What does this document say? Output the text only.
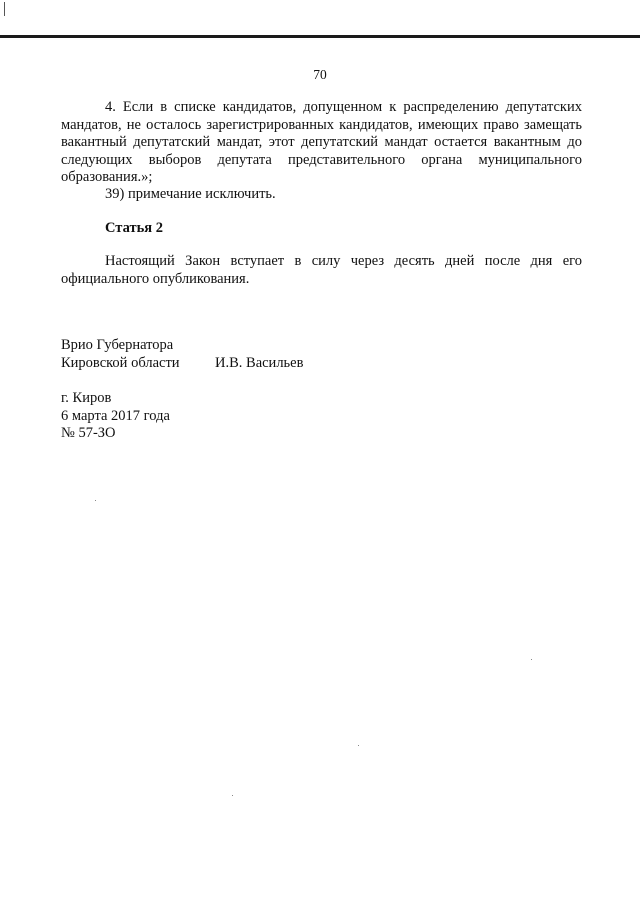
70
4. Если в списке кандидатов, допущенном к распределению депутатских мандатов, не осталось зарегистрированных кандидатов, имеющих право замещать вакантный депутатский мандат, этот депутатский мандат остается вакантным до следующих выборов депутата представительного органа муниципального образования.»;
39) примечание исключить.
Статья 2
Настоящий Закон вступает в силу через десять дней после дня его официального опубликования.
Врио Губернатора
Кировской области	И.В. Васильев
г. Киров
6 марта 2017 года
№ 57-ЗО
